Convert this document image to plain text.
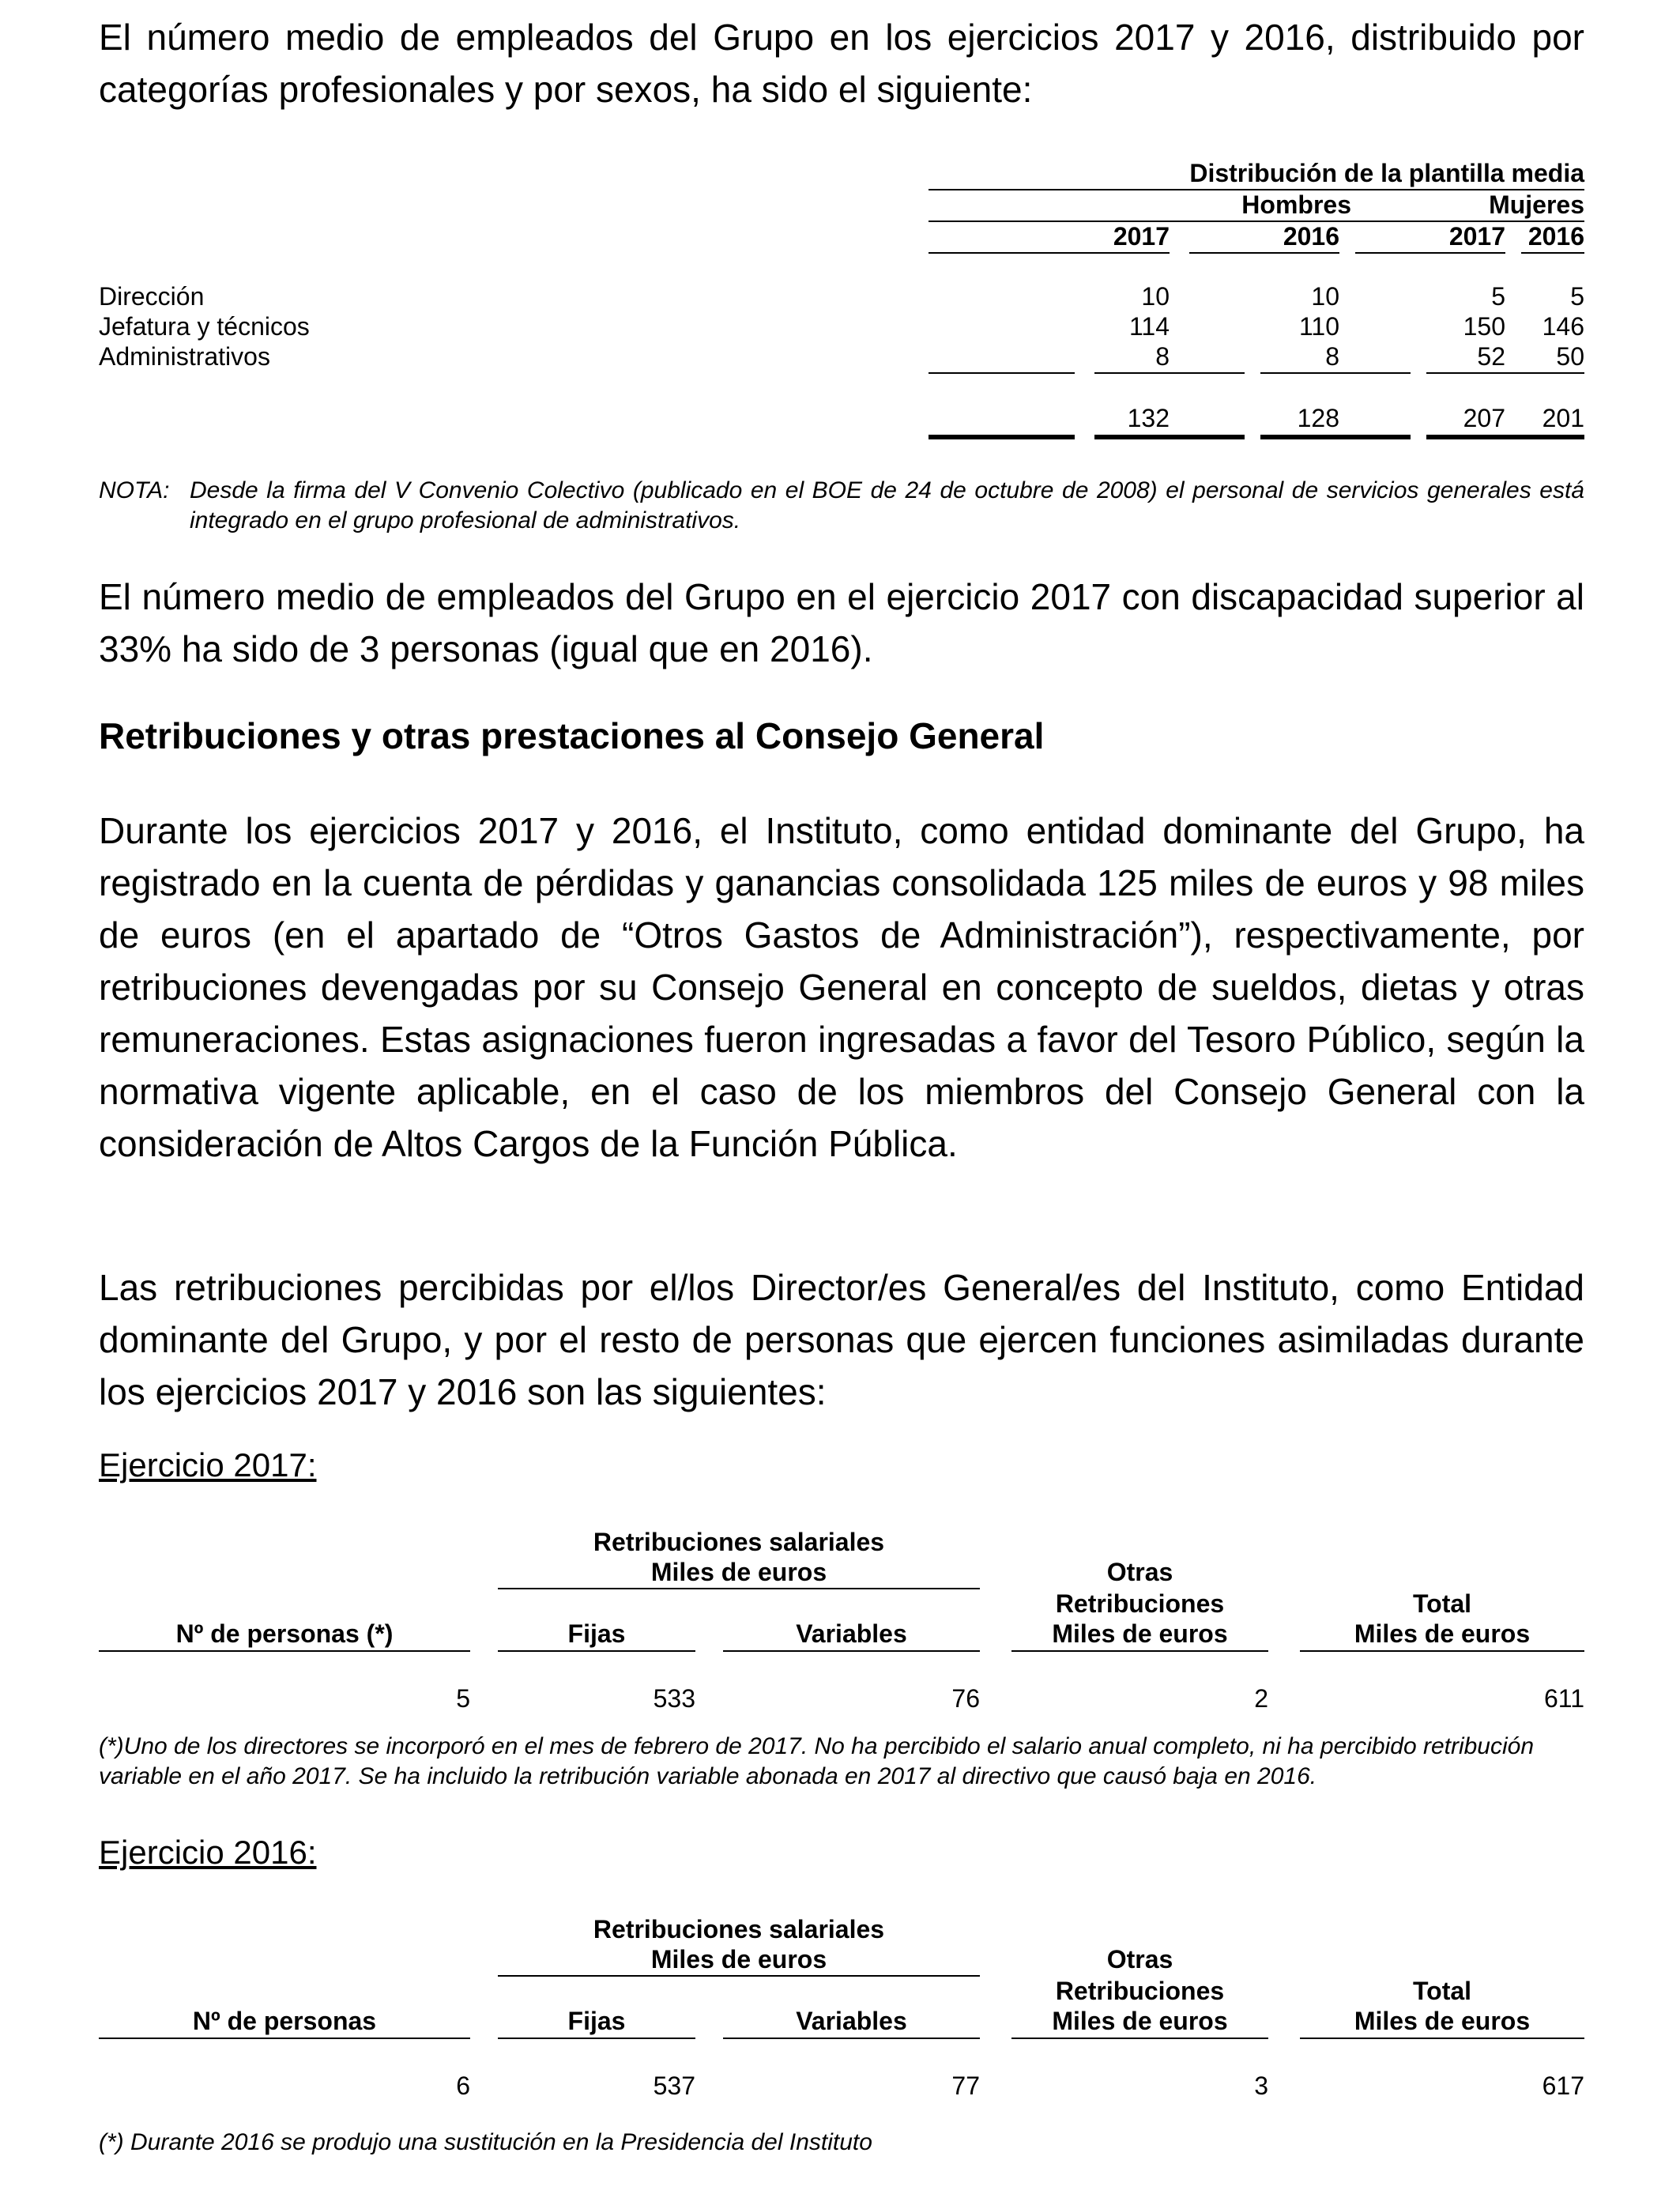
El número medio de empleados del Grupo en los ejercicios 2017 y 2016, distribuido por categorías profesionales y por sexos, ha sido el siguiente:

Distribución de la plantilla media
Hombres	Mujeres
2017	2016	2017 2016
Dirección	10	10	5	5
Jefatura y técnicos	114	110	150	146
Administrativos	8	8	52	50
132	128	207	201
NOTA: Desde la firma del V Convenio Colectivo (publicado en el BOE de 24 de octubre de 2008) el personal de servicios generales está integrado en el grupo profesional de administrativos.

El número medio de empleados del Grupo en el ejercicio 2017 con discapacidad superior al 33% ha sido de 3 personas (igual que en 2016).

Retribuciones y otras prestaciones al Consejo General

Durante los ejercicios 2017 y 2016, el Instituto, como entidad dominante del Grupo, ha registrado en la cuenta de pérdidas y ganancias consolidada 125 miles de euros y 98 miles de euros (en el apartado de “Otros Gastos de Administración”), respectivamente, por retribuciones devengadas por su Consejo General en concepto de sueldos, dietas y otras remuneraciones. Estas asignaciones fueron ingresadas a favor del Tesoro Público, según la normativa vigente aplicable, en el caso de los miembros del Consejo General con la consideración de Altos Cargos de la Función Pública.

Las retribuciones percibidas por el/los Director/es General/es del Instituto, como Entidad dominante del Grupo, y por el resto de personas que ejercen funciones asimiladas durante los ejercicios 2017 y 2016 son las siguientes:

Ejercicio 2017:
Retribuciones salariales
Miles de euros	Otras
Retribuciones
Miles de euros
Total
Miles de euros
Nº de personas (*)	Fijas	Variables
5	533	76	2	611

(*)Uno de los directores se incorporó en el mes de febrero de 2017. No ha percibido el salario anual completo, ni ha percibido retribución variable en el año 2017. Se ha incluido la retribución variable abonada en 2017 al directivo que causó baja en 2016.

Ejercicio 2016:
Retribuciones salariales
Miles de euros	Otras
Retribuciones
Miles de euros
Total
Miles de euros
Nº de personas	Fijas	Variables
6	537	77	3	617

(*) Durante 2016 se produjo una sustitución en la Presidencia del Instituto
